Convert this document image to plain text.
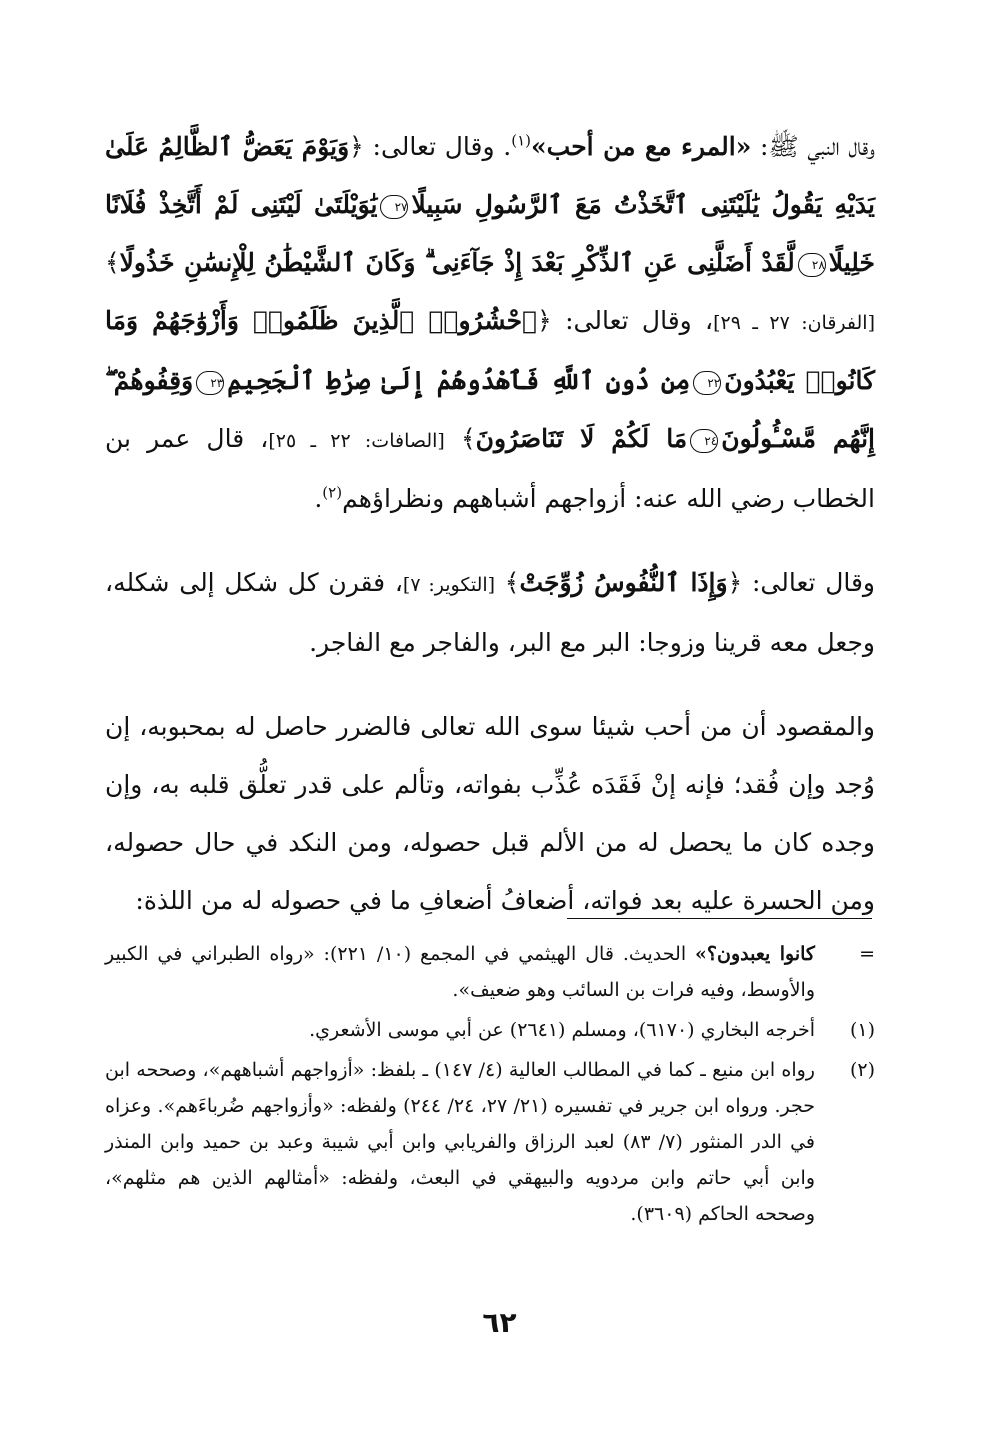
وقال النبي ﷺ: «المرء مع من أحب»$^{(١)}$. وقال تعالى: ﴿وَيَوْمَ يَعَضُّ ٱلظَّالِمُ عَلَىٰ يَدَيْهِ يَقُولُ يَٰلَيْتَنِى ٱتَّخَذْتُ مَعَ ٱلرَّسُولِ سَبِيلًا٢٧يَٰوَيْلَتَىٰ لَيْتَنِى لَمْ أَتَّخِذْ فُلَانًا خَلِيلًا٢٨لَّقَدْ أَضَلَّنِى عَنِ ٱلذِّكْرِ بَعْدَ إِذْ جَآءَنِى ۗ وَكَانَ ٱلشَّيْطَٰنُ لِلْإِنسَٰنِ خَذُولًا﴾ [الفرقان: ٢٧ ـ ٢٩]، وقال تعالى: ﴿ٱحْشُرُوا۟ ٱلَّذِينَ ظَلَمُوا۟ وَأَزْوَٰجَهُمْ وَمَا كَانُوا۟ يَعْبُدُونَ٢٢مِن دُونِ ٱللَّهِ فَٱهْدُوهُمْ إِلَىٰ صِرَٰطِ ٱلْجَحِيمِ٢٣وَقِفُوهُمْ ۖ إِنَّهُم مَّسْـُٔولُونَ٢٤مَا لَكُمْ لَا تَنَاصَرُونَ﴾ [الصافات: ٢٢ ـ ٢٥]، قال عمر بن الخطاب رضي الله عنه: أزواجهم أشباههم ونظراؤهم$^{(٢)}$.

وقال تعالى: ﴿وَإِذَا ٱلنُّفُوسُ زُوِّجَتْ﴾ [التكوير: ٧]، فقرن كل شكل إلى شكله، وجعل معه قرينا وزوجا: البر مع البر، والفاجر مع الفاجر.

والمقصود أن من أحب شيئا سوى الله تعالى فالضرر حاصل له بمحبوبه، إن وُجد وإن فُقد؛ فإنه إنْ فَقَدَه عُذِّب بفواته، وتألم على قدر تعلُّق قلبه به، وإن وجده كان ما يحصل له من الألم قبل حصوله، ومن النكد في حال حصوله، ومن الحسرة عليه بعد فواته، أضعافُ أضعافِ ما في حصوله له من اللذة:

=
كانوا يعبدون؟» الحديث. قال الهيثمي في المجمع (١٠/ ٢٢١): «رواه الطبراني في الكبير والأوسط، وفيه فرات بن السائب وهو ضعيف».

(١)
أخرجه البخاري (٦١٧٠)، ومسلم (٢٦٤١) عن أبي موسى الأشعري.

(٢)
رواه ابن منيع ـ كما في المطالب العالية (٤/ ١٤٧) ـ بلفظ: «أزواجهم أشباههم»، وصححه ابن حجر. ورواه ابن جرير في تفسيره (٢١/ ٢٧، ٢٤/ ٢٤٤) ولفظه: «وأزواجهم ضُرباءَهم». وعزاه في الدر المنثور (٧/ ٨٣) لعبد الرزاق والفريابي وابن أبي شيبة وعبد بن حميد وابن المنذر وابن أبي حاتم وابن مردويه والبيهقي في البعث، ولفظه: «أمثالهم الذين هم مثلهم»، وصححه الحاكم (٣٦٠٩).

٦٢
